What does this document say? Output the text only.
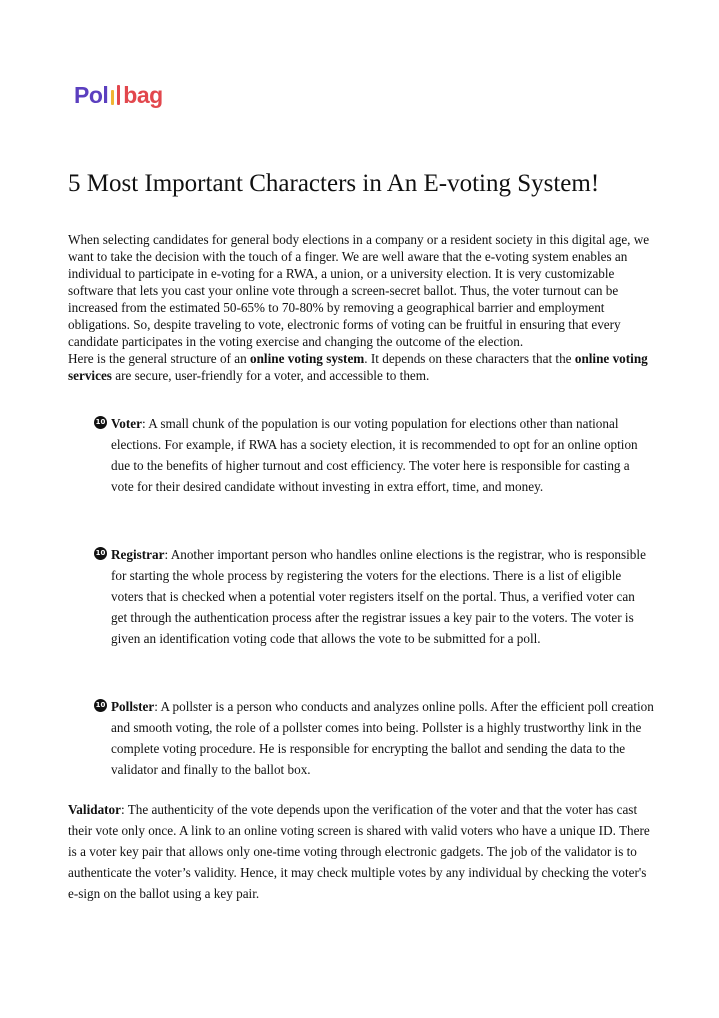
Pol bag
5 Most Important Characters in An E-voting System!

When selecting candidates for general body elections in a company or a resident society in this digital age, we want to take the decision with the touch of a finger. We are well aware that the e-voting system enables an individual to participate in e-voting for a RWA, a union, or a university election. It is very customizable software that lets you cast your online vote through a screen-secret ballot. Thus, the voter turnout can be increased from the estimated 50-65% to 70-80% by removing a geographical barrier and employment obligations. So, despite traveling to vote, electronic forms of voting can be fruitful in ensuring that every candidate participates in the voting exercise and changing the outcome of the election.

Here is the general structure of an online voting system. It depends on these characters that the online voting services are secure, user-friendly for a voter, and accessible to them.

10 Voter: A small chunk of the population is our voting population for elections other than national elections. For example, if RWA has a society election, it is recommended to opt for an online option due to the benefits of higher turnout and cost efficiency. The voter here is responsible for casting a vote for their desired candidate without investing in extra effort, time, and money.
10 Registrar: Another important person who handles online elections is the registrar, who is responsible for starting the whole process by registering the voters for the elections. There is a list of eligible voters that is checked when a potential voter registers itself on the portal. Thus, a verified voter can get through the authentication process after the registrar issues a key pair to the voters. The voter is given an identification voting code that allows the vote to be submitted for a poll.
10 Pollster: A pollster is a person who conducts and analyzes online polls. After the efficient poll creation and smooth voting, the role of a pollster comes into being. Pollster is a highly trustworthy link in the complete voting procedure. He is responsible for encrypting the ballot and sending the data to the validator and finally to the ballot box.

Validator: The authenticity of the vote depends upon the verification of the voter and that the voter has cast their vote only once. A link to an online voting screen is shared with valid voters who have a unique ID. There is a voter key pair that allows only one-time voting through electronic gadgets. The job of the validator is to authenticate the voter’s validity. Hence, it may check multiple votes by any individual by checking the voter's e-sign on the ballot using a key pair.
